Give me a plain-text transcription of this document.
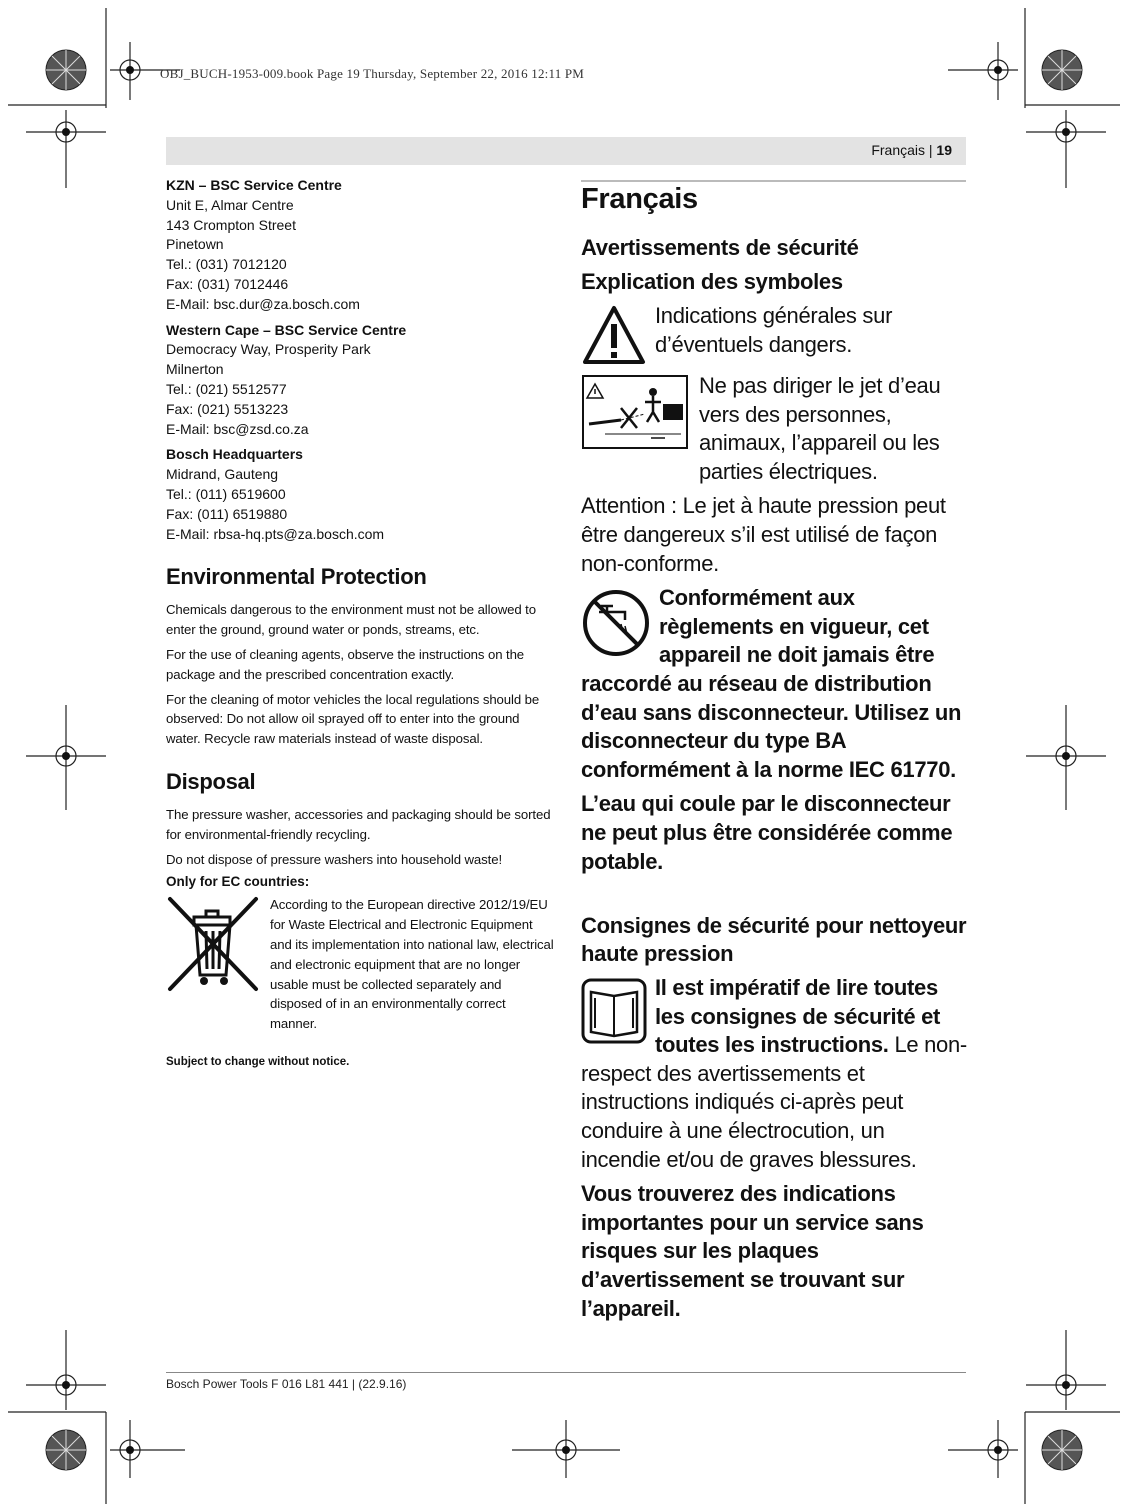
OBJ_BUCH-1953-009.book Page 19 Thursday, September 22, 2016 12:11 PM
Français | 19
KZN – BSC Service Centre
Unit E, Almar Centre
143 Crompton Street
Pinetown
Tel.: (031) 7012120
Fax: (031) 7012446
E-Mail: bsc.dur@za.bosch.com
Western Cape – BSC Service Centre
Democracy Way, Prosperity Park
Milnerton
Tel.: (021) 5512577
Fax: (021) 5513223
E-Mail: bsc@zsd.co.za
Bosch Headquarters
Midrand, Gauteng
Tel.: (011) 6519600
Fax: (011) 6519880
E-Mail: rbsa-hq.pts@za.bosch.com
Environmental Protection

Chemicals dangerous to the environment must not be allowed to enter the ground, ground water or ponds, streams, etc.

For the use of cleaning agents, observe the instructions on the package and the prescribed concentration exactly.

For the cleaning of motor vehicles the local regulations should be observed: Do not allow oil sprayed off to enter into the ground water. Recycle raw materials instead of waste disposal.

Disposal

The pressure washer, accessories and packaging should be sorted for environmental-friendly recycling.

Do not dispose of pressure washers into household waste!

Only for EC countries:

According to the European directive 2012/19/EU for Waste Electrical and Electronic Equipment and its implementation into national law, electrical and electronic equipment that are no longer usable must be collected separately and disposed of in an environmentally correct manner.

Subject to change without notice.
Français
Avertissements de sécurité
Explication des symboles
Indications générales sur d’éventuels dangers.
Ne pas diriger le jet d’eau vers des personnes, animaux, l’appareil ou les parties électriques.
Attention : Le jet à haute pression peut être dangereux s’il est utilisé de façon non-conforme.
Conformément aux règlements en vigueur, cet appareil ne doit jamais être raccordé au réseau de distribution d’eau sans disconnecteur. Utilisez un disconnecteur du type BA conformément à la norme IEC 61770.
L’eau qui coule par le disconnecteur ne peut plus être considérée comme potable.
Consignes de sécurité pour nettoyeur haute pression
Il est impératif de lire toutes les consignes de sécurité et toutes les instructions. Le non-respect des avertissements et instructions indiqués ci-après peut conduire à une électrocution, un incendie et/ou de graves blessures.
Vous trouverez des indications importantes pour un service sans risques sur les plaques d’avertissement se trouvant sur l’appareil.
Bosch Power Tools F 016 L81 441 | (22.9.16)
